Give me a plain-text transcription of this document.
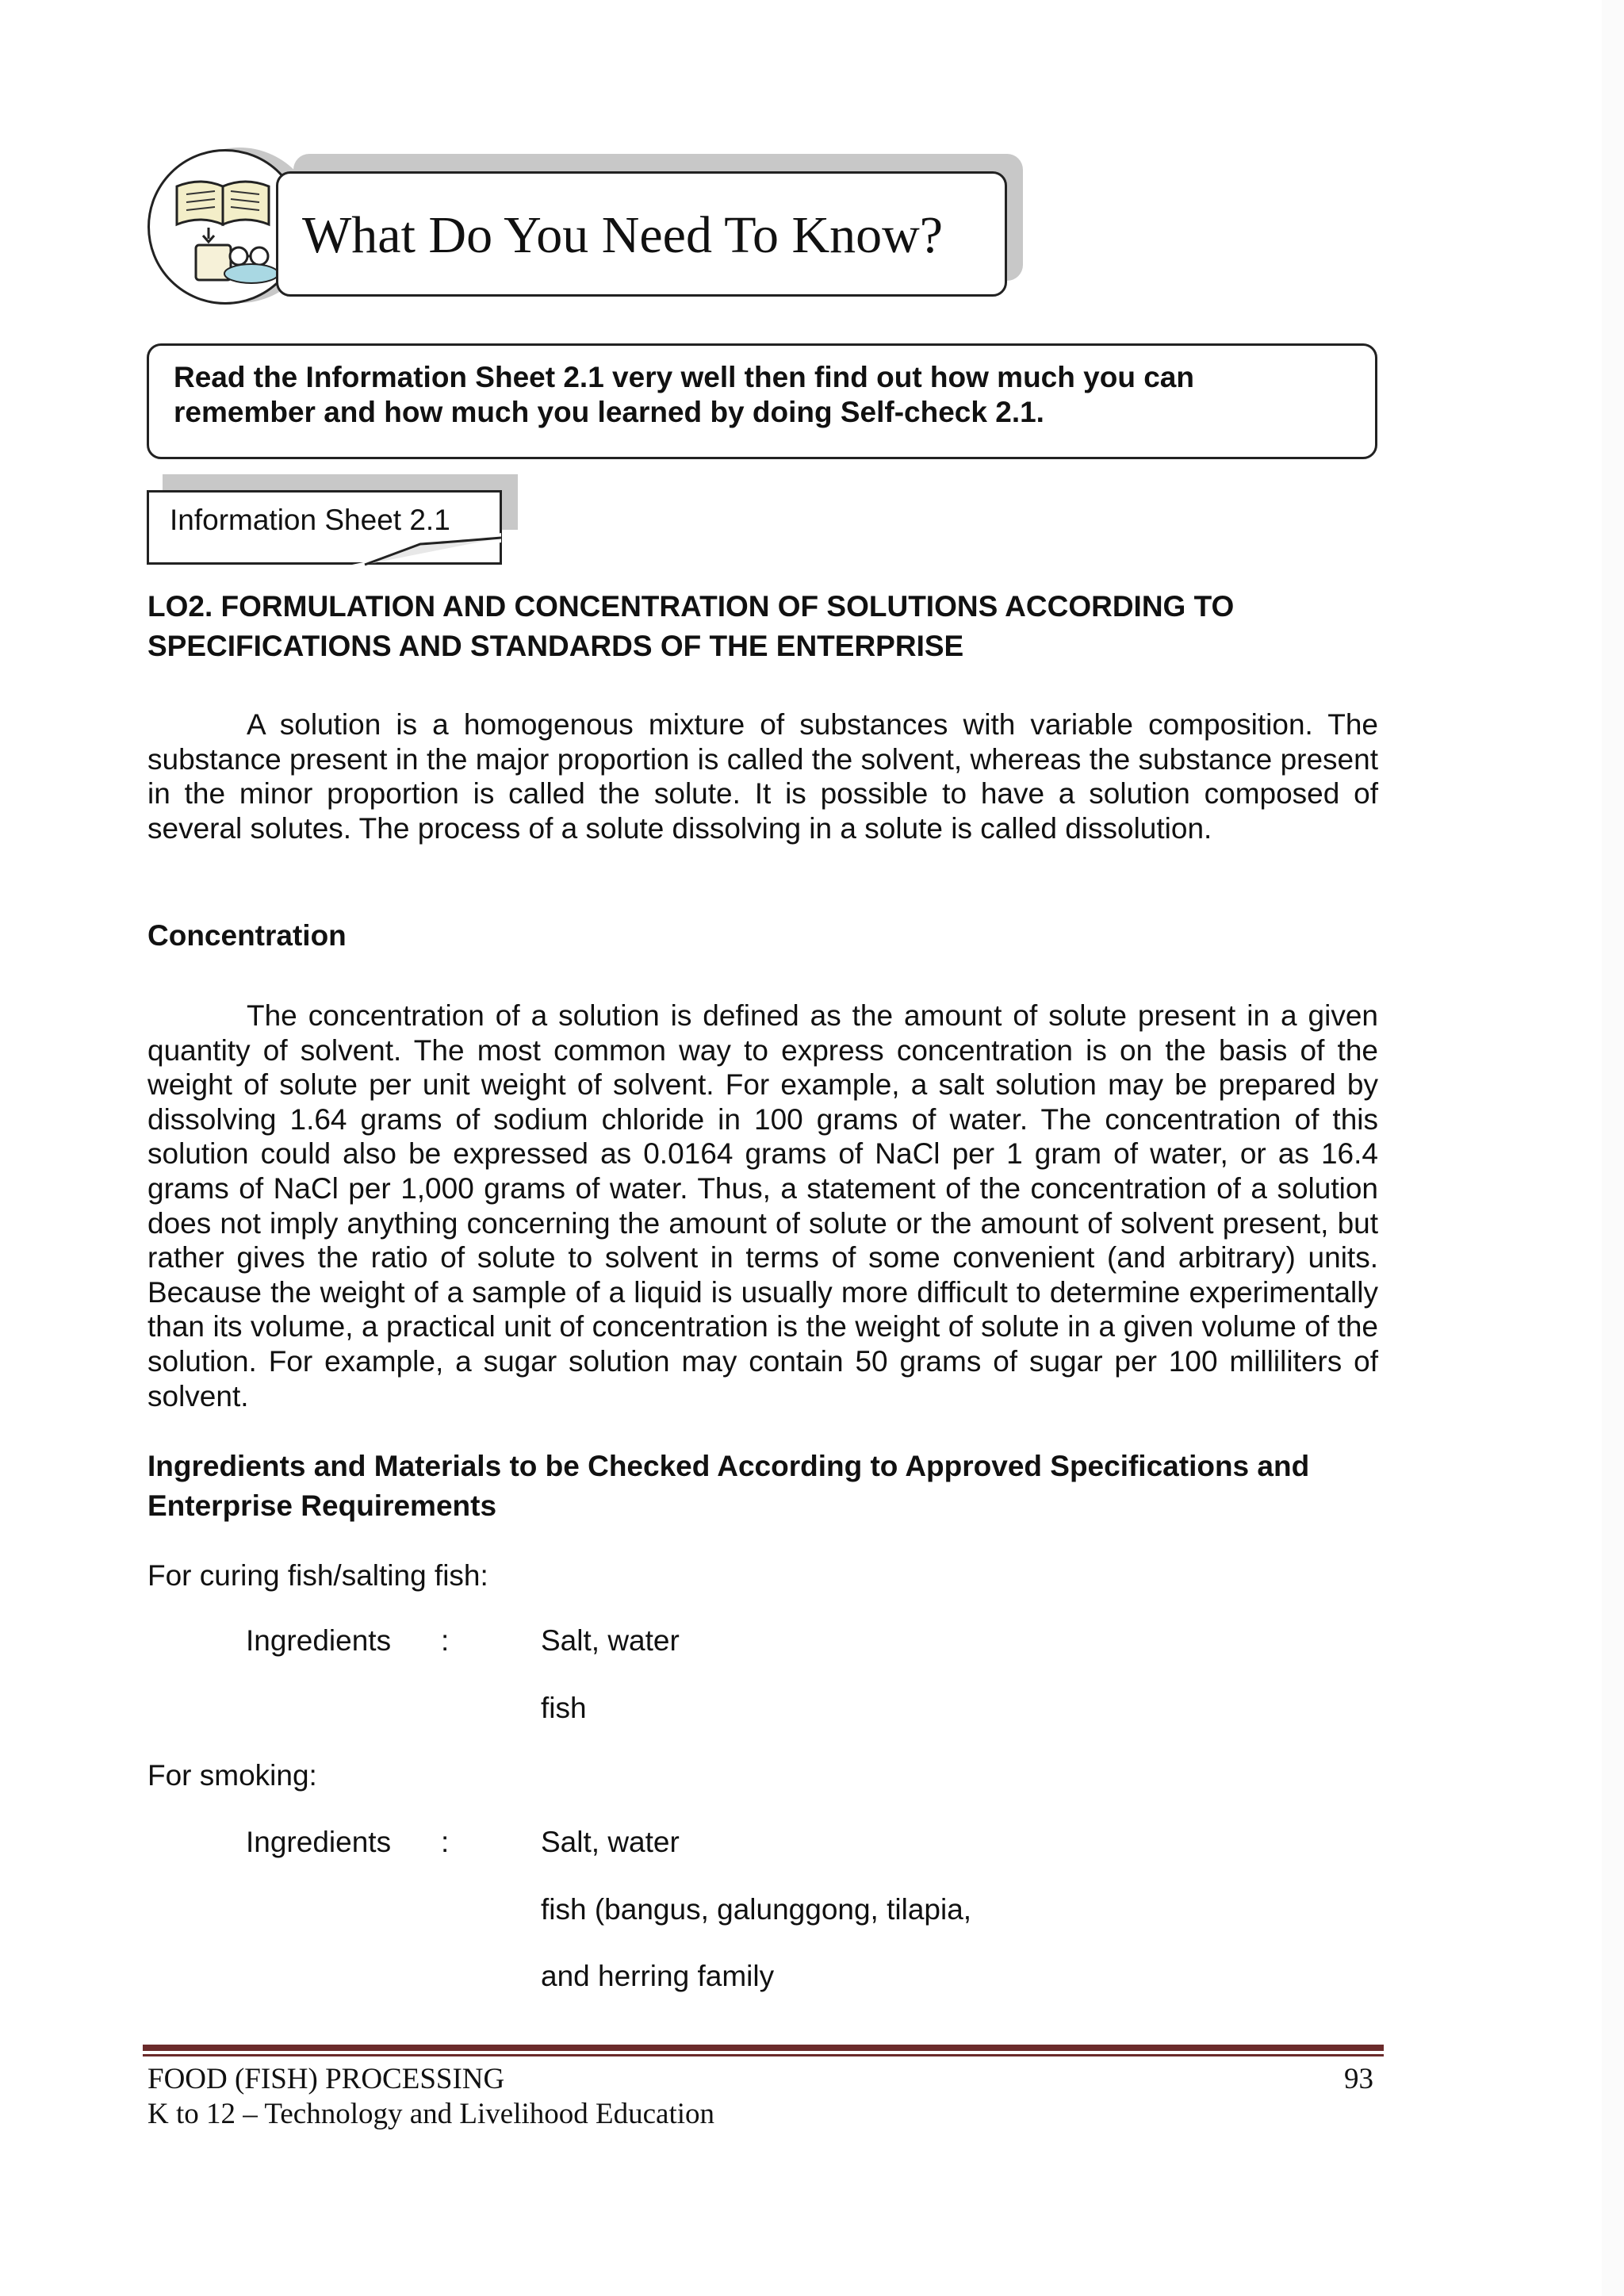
What Do You Need To Know?
Read the Information Sheet 2.1 very well then find out how much you can
remember and how much you learned by doing Self-check 2.1.
Information Sheet 2.1
LO2. FORMULATION AND CONCENTRATION OF SOLUTIONS ACCORDING TO SPECIFICATIONS AND STANDARDS OF THE ENTERPRISE
A solution is a homogenous mixture of substances with variable composition. The substance present in the major proportion is called the solvent, whereas the substance present in the minor proportion is called the solute. It is possible to have a solution composed of several solutes. The process of a solute dissolving in a solute is called dissolution.
Concentration
The concentration of a solution is defined as the amount of solute present in a given quantity of solvent. The most common way to express concentration is on the basis of the weight of solute per unit weight of solvent. For example, a salt solution may be prepared by dissolving 1.64 grams of sodium chloride in 100 grams of water. The concentration of this solution could also be expressed as 0.0164 grams of NaCl per 1 gram of water, or as 16.4 grams of NaCl per 1,000 grams of water. Thus, a statement of the concentration of a solution does not imply anything concerning the amount of solute or the amount of solvent present, but rather gives the ratio of solute to solvent in terms of some convenient (and arbitrary) units. Because the weight of a sample of a liquid is usually more difficult to determine experimentally than its volume, a practical unit of concentration is the weight of solute in a given volume of the solution. For example, a sugar solution may contain 50 grams of sugar per 100 milliliters of solvent.
Ingredients and Materials to be Checked According to Approved Specifications and Enterprise Requirements
For curing fish/salting fish:
Ingredients :	Salt, water
fish
For smoking:
Ingredients :	Salt, water
fish (bangus, galunggong, tilapia,
and herring family
FOOD (FISH) PROCESSING
K to 12 – Technology and Livelihood Education
93
